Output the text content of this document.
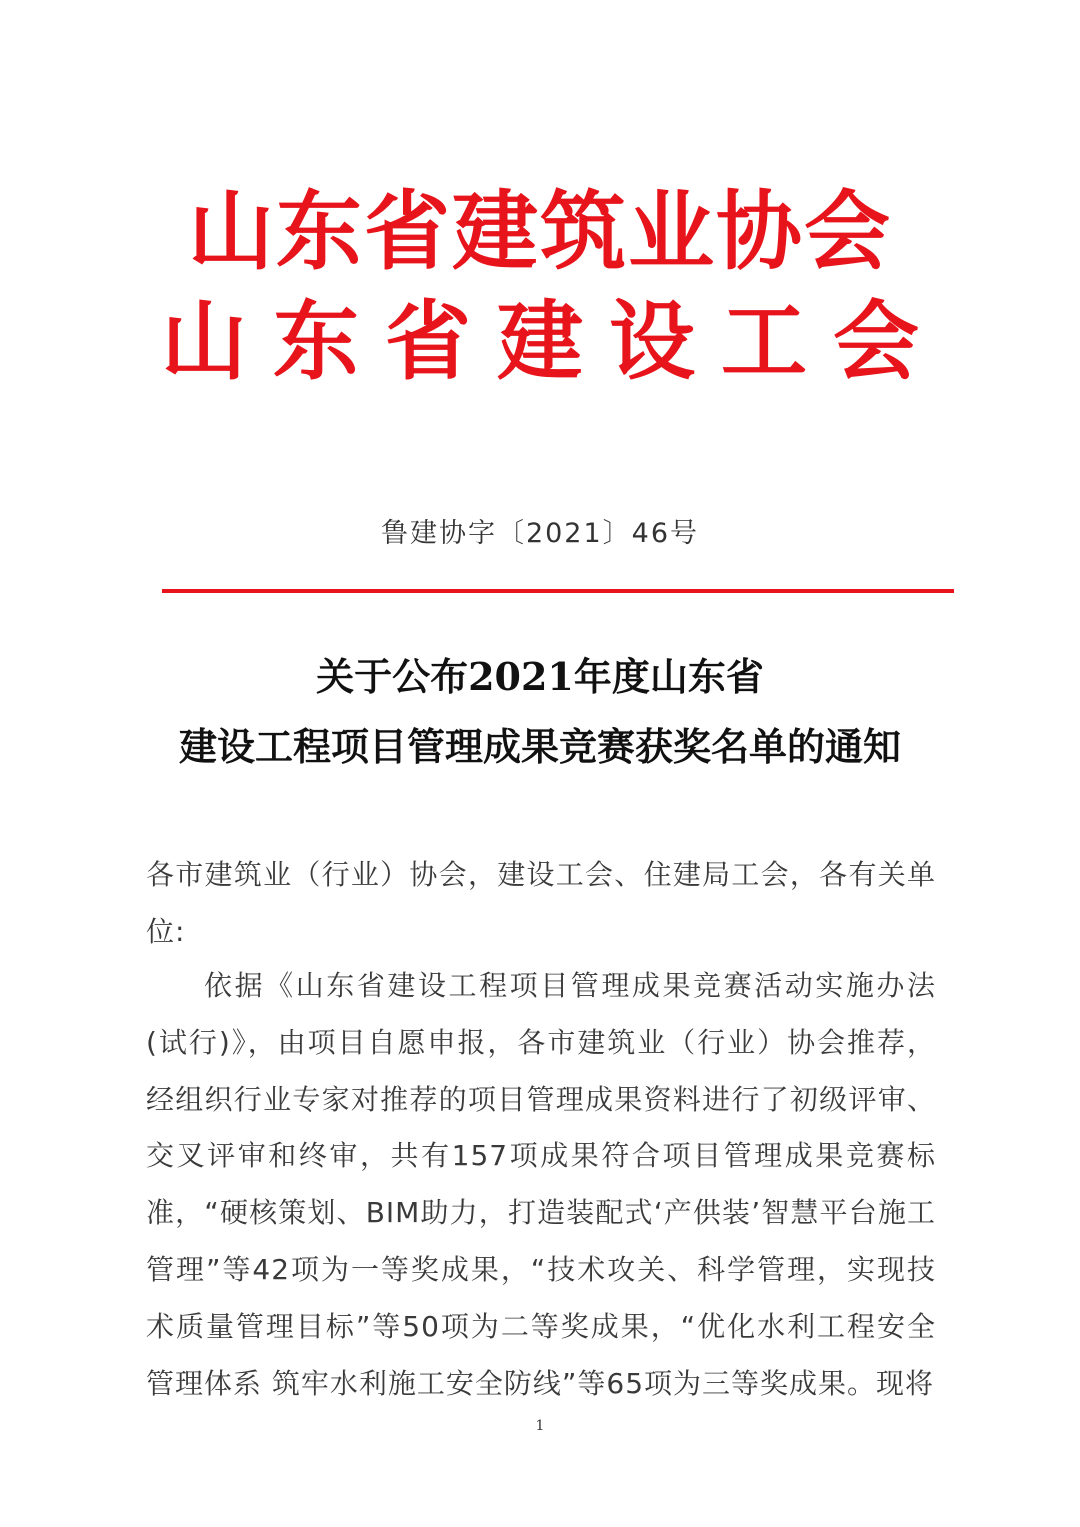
山东省建筑业协会
山东省建设工会
鲁建协字〔2021〕46号
关于公布2021年度山东省
建设工程项目管理成果竞赛获奖名单的通知
各市建筑业（行业）协会，建设工会、住建局工会，各有关单位:
依据《山东省建设工程项目管理成果竞赛活动实施办法(试行)》，由项目自愿申报，各市建筑业（行业）协会推荐，经组织行业专家对推荐的项目管理成果资料进行了初级评审、交叉评审和终审，共有157项成果符合项目管理成果竞赛标准，“硬核策划、BIM助力，打造装配式‘产供装’智慧平台施工管理”等42项为一等奖成果，“技术攻关、科学管理，实现技术质量管理目标”等50项为二等奖成果，“优化水利工程安全管理体系 筑牢水利施工安全防线”等65项为三等奖成果。现将
1
